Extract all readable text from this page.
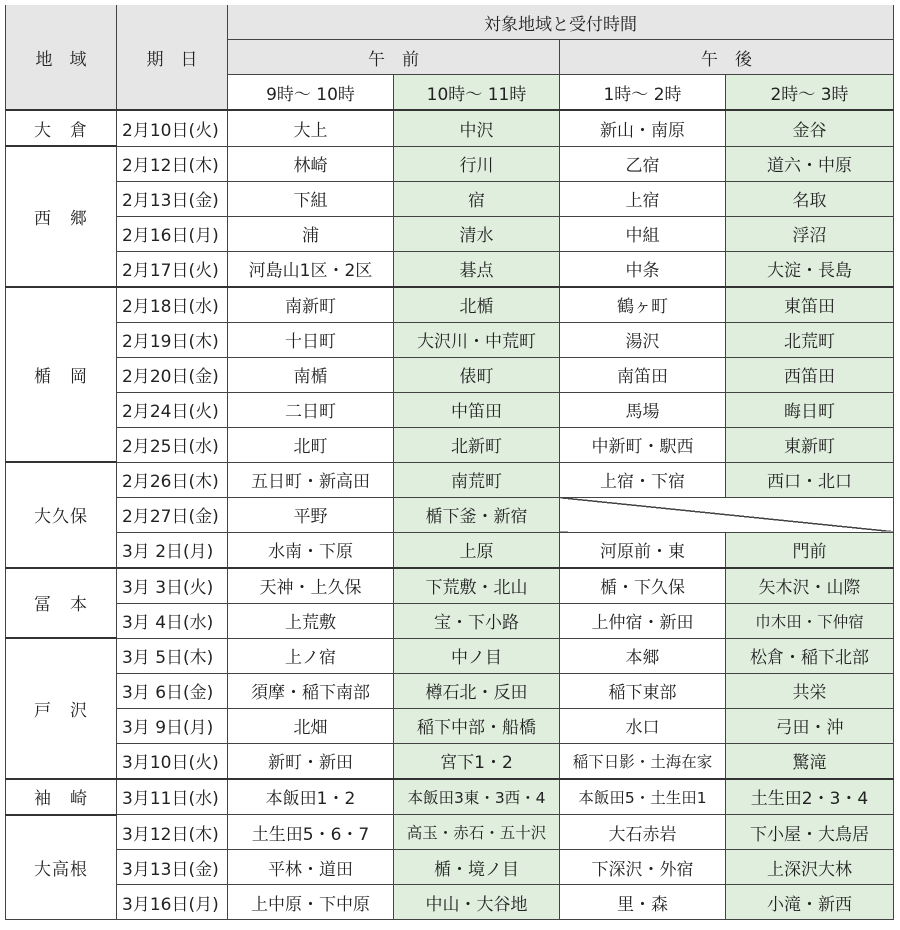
地　域	期　日	対象地域と受付時間			
		午　前		午　後	
		9時～ 10時	10時～ 11時	1時～ 2時	2時～ 3時
大　倉	2月10日(火)	大上	中沢	新山・南原	金谷
西　郷	2月12日(木)	林崎	行川	乙宿	道六・中原
	2月13日(金)	下組	宿	上宿	名取
	2月16日(月)	浦	清水	中組	浮沼
	2月17日(火)	河島山1区・2区	碁点	中条	大淀・長島
楯　岡	2月18日(水)	南新町	北楯	鶴ヶ町	東笛田
	2月19日(木)	十日町	大沢川・中荒町	湯沢	北荒町
	2月20日(金)	南楯	俵町	南笛田	西笛田
	2月24日(火)	二日町	中笛田	馬場	晦日町
	2月25日(水)	北町	北新町	中新町・駅西	東新町
大久保	2月26日(木)	五日町・新高田	南荒町	上宿・下宿	西口・北口
	2月27日(金)	平野	楯下釜・新宿		
	3月 2日(月)	水南・下原	上原	河原前・東	門前
冨　本	3月 3日(火)	天神・上久保	下荒敷・北山	楯・下久保	矢木沢・山際
	3月 4日(水)	上荒敷	宝・下小路	上仲宿・新田	巾木田・下仲宿
戸　沢	3月 5日(木)	上ノ宿	中ノ目	本郷	松倉・稲下北部
	3月 6日(金)	須摩・稲下南部	樽石北・反田	稲下東部	共栄
	3月 9日(月)	北畑	稲下中部・船橋	水口	弓田・沖
	3月10日(火)	新町・新田	宮下1・2	稲下日影・土海在家	驚滝
袖　崎	3月11日(水)	本飯田1・2	本飯田3東・3西・4	本飯田5・土生田1	土生田2・3・4
大高根	3月12日(木)	土生田5・6・7	高玉・赤石・五十沢	大石赤岩	下小屋・大鳥居
	3月13日(金)	平林・道田	楯・境ノ目	下深沢・外宿	上深沢大林
	3月16日(月)	上中原・下中原	中山・大谷地	里・森	小滝・新西
